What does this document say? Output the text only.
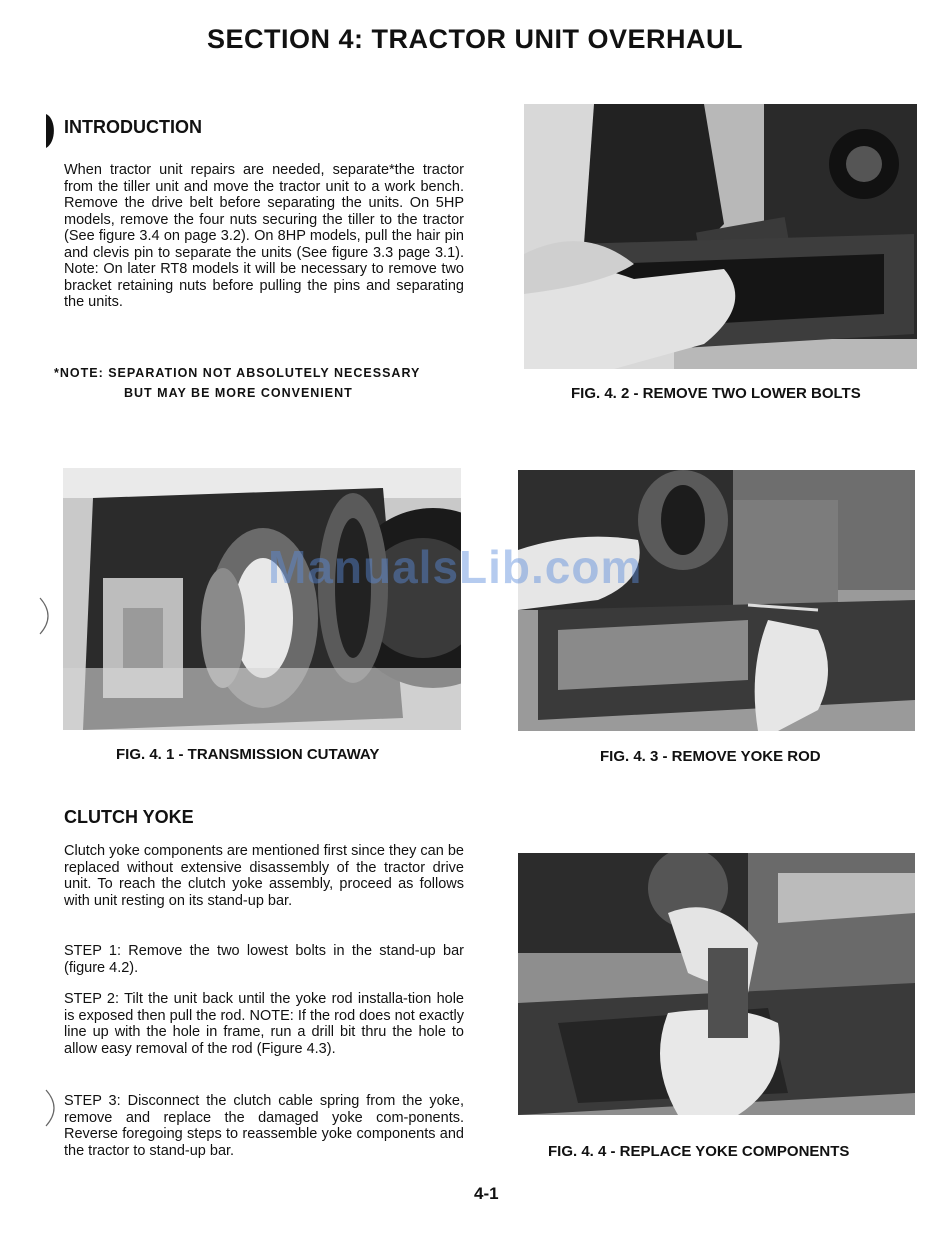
SECTION 4: TRACTOR UNIT OVERHAUL
INTRODUCTION
When tractor unit repairs are needed, separate*the tractor from the tiller unit and move the tractor unit to a work bench. Remove the drive belt before separating the units. On 5HP models, remove the four nuts securing the tiller to the tractor (See figure 3.4 on page 3.2). On 8HP models, pull the hair pin and clevis pin to separate the units (See figure 3.3 page 3.1). Note: On later RT8 models it will be necessary to remove two bracket retaining nuts before pulling the pins and separating the units.
*NOTE: SEPARATION NOT ABSOLUTELY NECESSARY
BUT MAY BE MORE CONVENIENT	FIG. 4. 2 - REMOVE TWO LOWER BOLTS
FIG. 4. 1 - TRANSMISSION CUTAWAY	FIG. 4. 3 - REMOVE YOKE ROD
ManualsLib.com
CLUTCH YOKE
Clutch yoke components are mentioned first since they can be replaced without extensive disassembly of the tractor drive unit. To reach the clutch yoke assembly, proceed as follows with unit resting on its stand-up bar.
STEP 1: Remove the two lowest bolts in the stand-up bar (figure 4.2).
STEP 2: Tilt the unit back until the yoke rod installa-tion hole is exposed then pull the rod. NOTE: If the rod does not exactly line up with the hole in frame, run a drill bit thru the hole to allow easy removal of the rod (Figure 4.3).
STEP 3: Disconnect the clutch cable spring from the yoke, remove and replace the damaged yoke com-ponents. Reverse foregoing steps to reassemble yoke components and the tractor to stand-up bar.	FIG. 4. 4 - REPLACE YOKE COMPONENTS
4-1
